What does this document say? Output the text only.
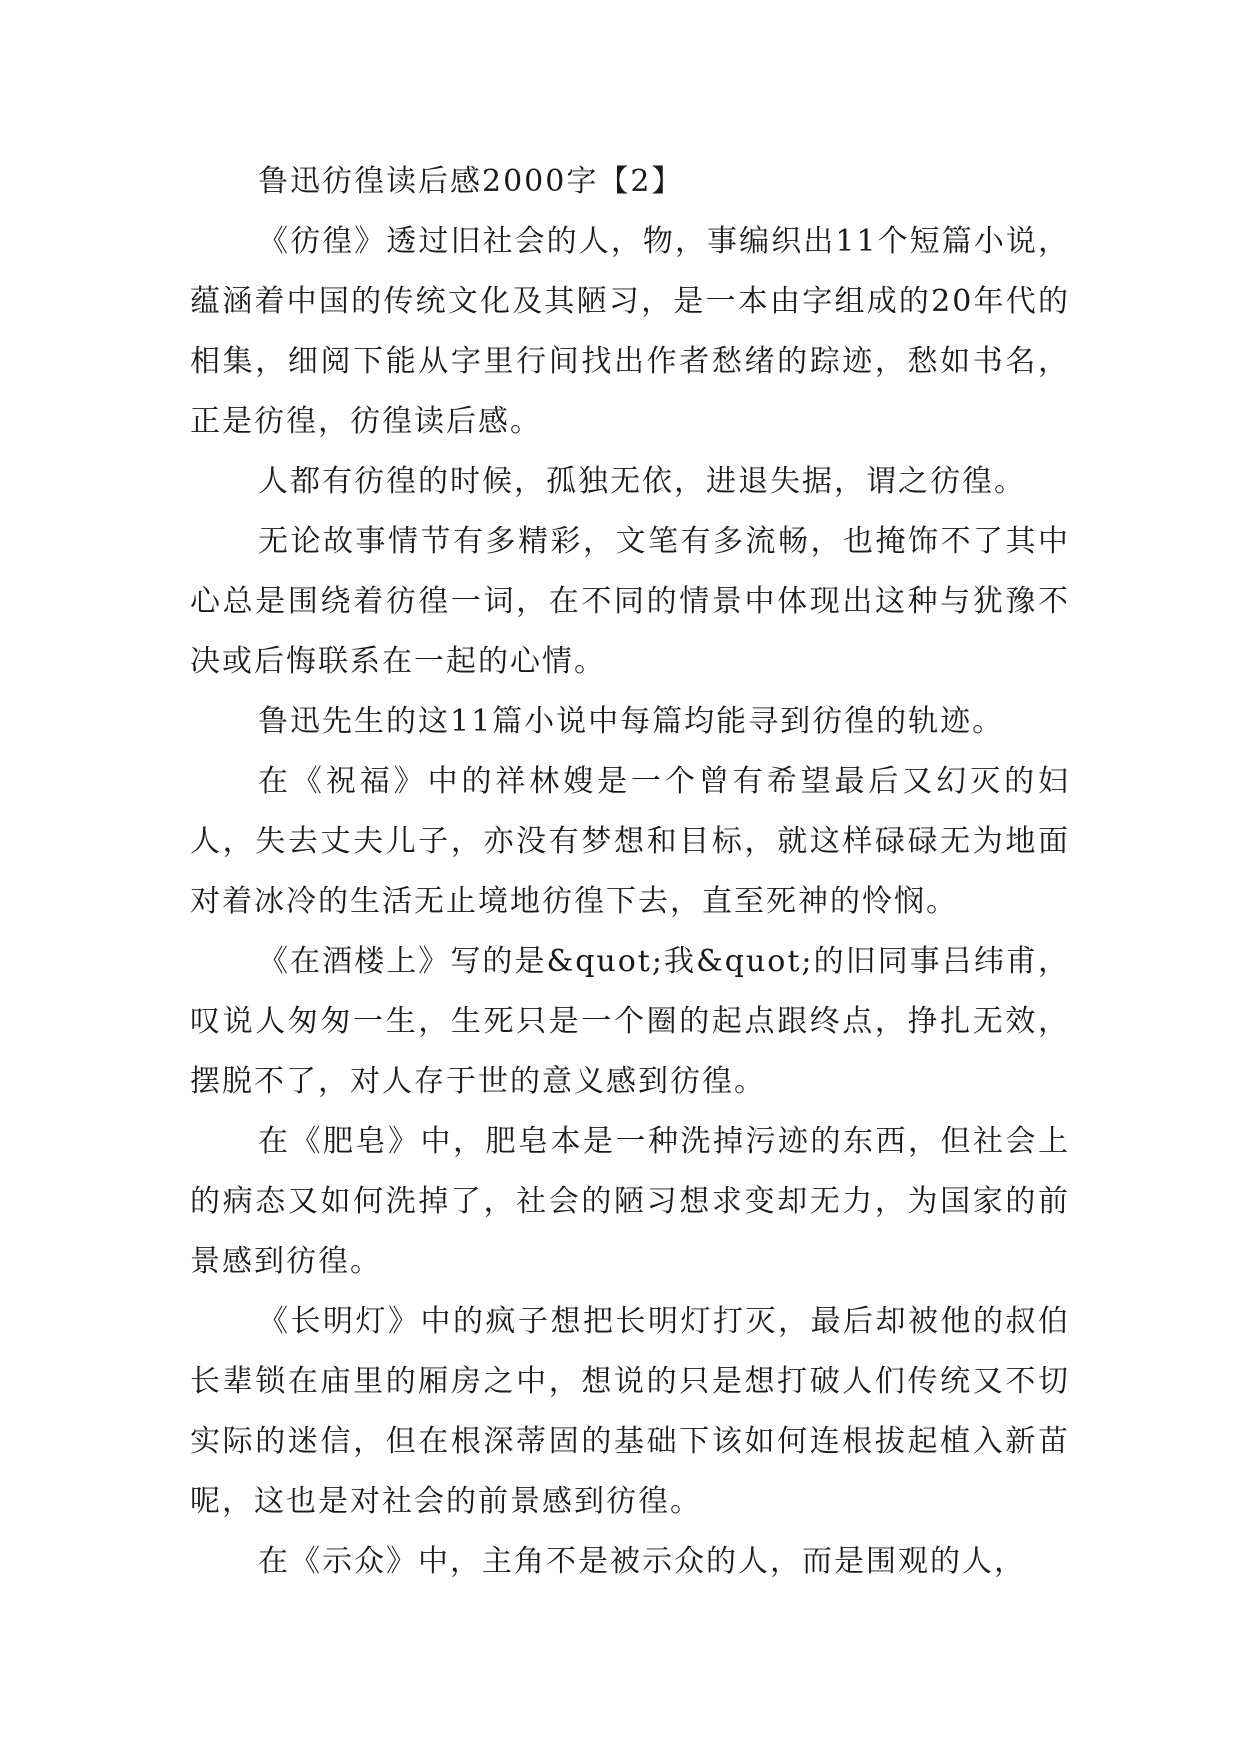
鲁迅彷徨读后感2000字【2】

《彷徨》透过旧社会的人，物，事编织出11个短篇小说，蕴涵着中国的传统文化及其陋习，是一本由字组成的20年代的相集，细阅下能从字里行间找出作者愁绪的踪迹，愁如书名，正是彷徨，彷徨读后感。

人都有彷徨的时候，孤独无依，进退失据，谓之彷徨。

无论故事情节有多精彩，文笔有多流畅，也掩饰不了其中心总是围绕着彷徨一词，在不同的情景中体现出这种与犹豫不决或后悔联系在一起的心情。

鲁迅先生的这11篇小说中每篇均能寻到彷徨的轨迹。

在《祝福》中的祥林嫂是一个曾有希望最后又幻灭的妇人，失去丈夫儿子，亦没有梦想和目标，就这样碌碌无为地面对着冰冷的生活无止境地彷徨下去，直至死神的怜悯。

《在酒楼上》写的是&quot;我&quot;的旧同事吕纬甫，叹说人匆匆一生，生死只是一个圈的起点跟终点，挣扎无效，摆脱不了，对人存于世的意义感到彷徨。

在《肥皂》中，肥皂本是一种洗掉污迹的东西，但社会上的病态又如何洗掉了，社会的陋习想求变却无力，为国家的前景感到彷徨。

《长明灯》中的疯子想把长明灯打灭，最后却被他的叔伯长辈锁在庙里的厢房之中，想说的只是想打破人们传统又不切实际的迷信，但在根深蒂固的基础下该如何连根拔起植入新苗呢，这也是对社会的前景感到彷徨。

在《示众》中，主角不是被示众的人，而是围观的人，
